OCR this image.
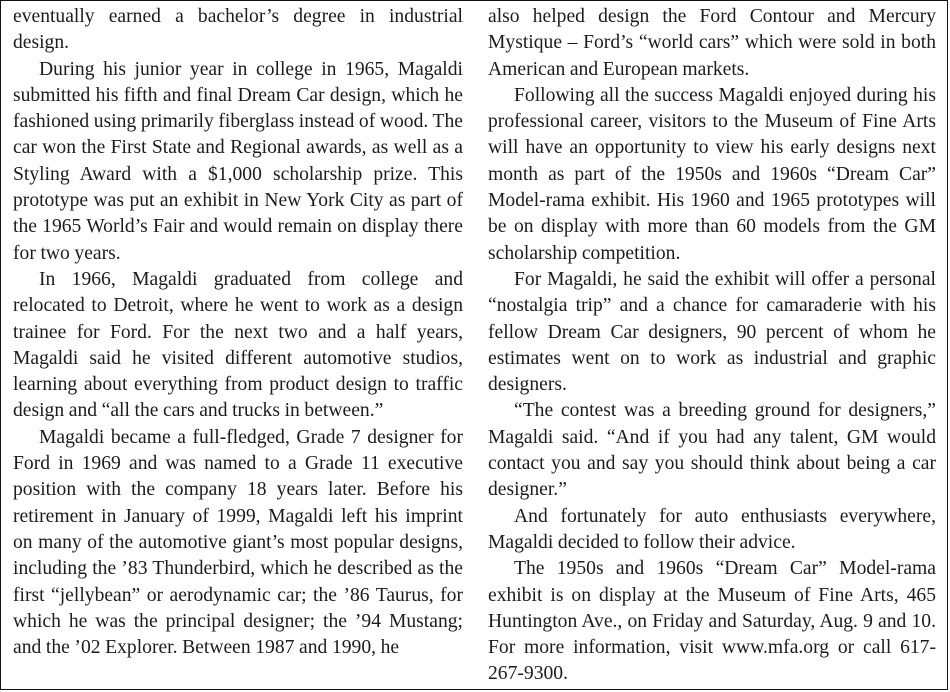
eventually earned a bachelor’s degree in industrial design.

During his junior year in college in 1965, Magaldi submitted his fifth and final Dream Car design, which he fashioned using primarily fiberglass instead of wood. The car won the First State and Regional awards, as well as a Styling Award with a $1,000 scholarship prize. This prototype was put an exhibit in New York City as part of the 1965 World’s Fair and would remain on display there for two years.

In 1966, Magaldi graduated from college and relocated to Detroit, where he went to work as a design trainee for Ford. For the next two and a half years, Magaldi said he visited different automotive studios, learning about everything from product design to traffic design and “all the cars and trucks in between.”

Magaldi became a full-fledged, Grade 7 designer for Ford in 1969 and was named to a Grade 11 executive position with the company 18 years later. Before his retirement in January of 1999, Magaldi left his imprint on many of the automotive giant’s most popular designs, including the ’83 Thunderbird, which he described as the first “jellybean” or aerodynamic car; the ’86 Taurus, for which he was the principal designer; the ’94 Mustang; and the ’02 Explorer. Between 1987 and 1990, he

also helped design the Ford Contour and Mercury Mystique – Ford’s “world cars” which were sold in both American and European markets.

Following all the success Magaldi enjoyed during his professional career, visitors to the Museum of Fine Arts will have an opportunity to view his early designs next month as part of the 1950s and 1960s “Dream Car” Model-rama exhibit. His 1960 and 1965 prototypes will be on display with more than 60 models from the GM scholarship competition.

For Magaldi, he said the exhibit will offer a personal “nostalgia trip” and a chance for camaraderie with his fellow Dream Car designers, 90 percent of whom he estimates went on to work as industrial and graphic designers.

“The contest was a breeding ground for designers,” Magaldi said. “And if you had any talent, GM would contact you and say you should think about being a car designer.”

And fortunately for auto enthusiasts everywhere, Magaldi decided to follow their advice.

The 1950s and 1960s “Dream Car” Model-rama exhibit is on display at the Museum of Fine Arts, 465 Huntington Ave., on Friday and Saturday, Aug. 9 and 10. For more information, visit www.mfa.org or call 617-267-9300.
